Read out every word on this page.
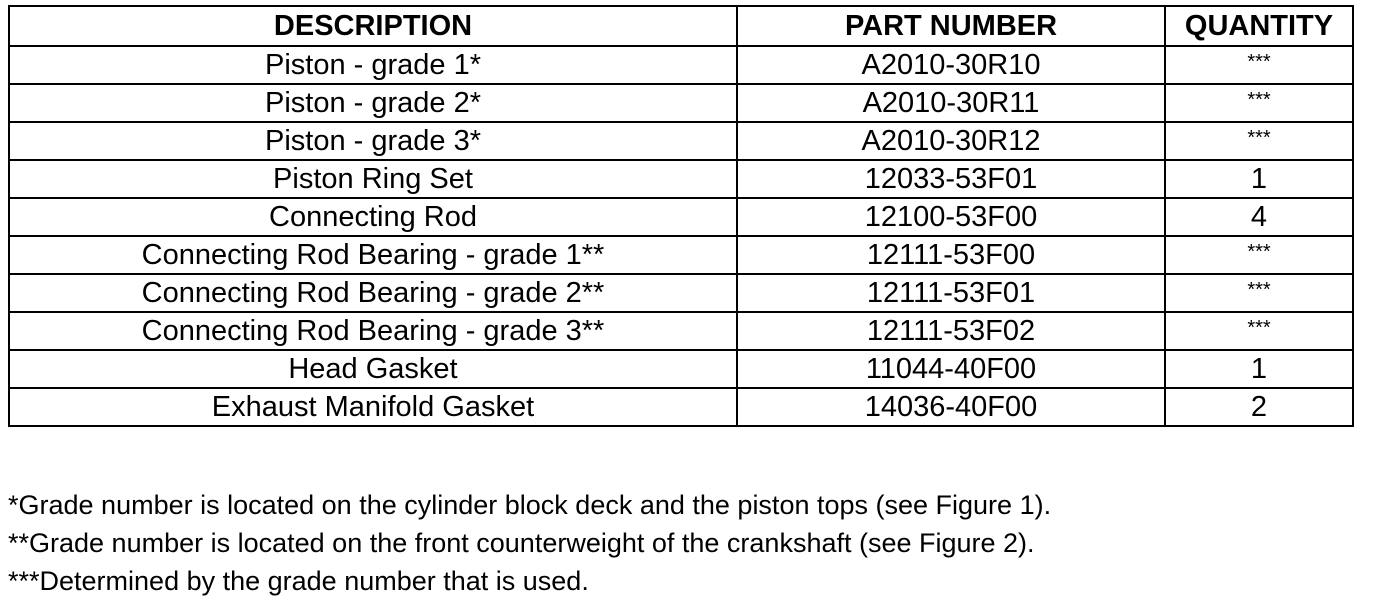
DESCRIPTION	PART NUMBER	QUANTITY
Piston - grade 1*	A2010-30R10	***
Piston - grade 2*	A2010-30R11	***
Piston - grade 3*	A2010-30R12	***
Piston Ring Set	12033-53F01	1
Connecting Rod	12100-53F00	4
Connecting Rod Bearing - grade 1**	12111-53F00	***
Connecting Rod Bearing - grade 2**	12111-53F01	***
Connecting Rod Bearing - grade 3**	12111-53F02	***
Head Gasket	11044-40F00	1
Exhaust Manifold Gasket	14036-40F00	2

*Grade number is located on the cylinder block deck and the piston tops (see Figure 1).

**Grade number is located on the front counterweight of the crankshaft (see Figure 2).

***Determined by the grade number that is used.
